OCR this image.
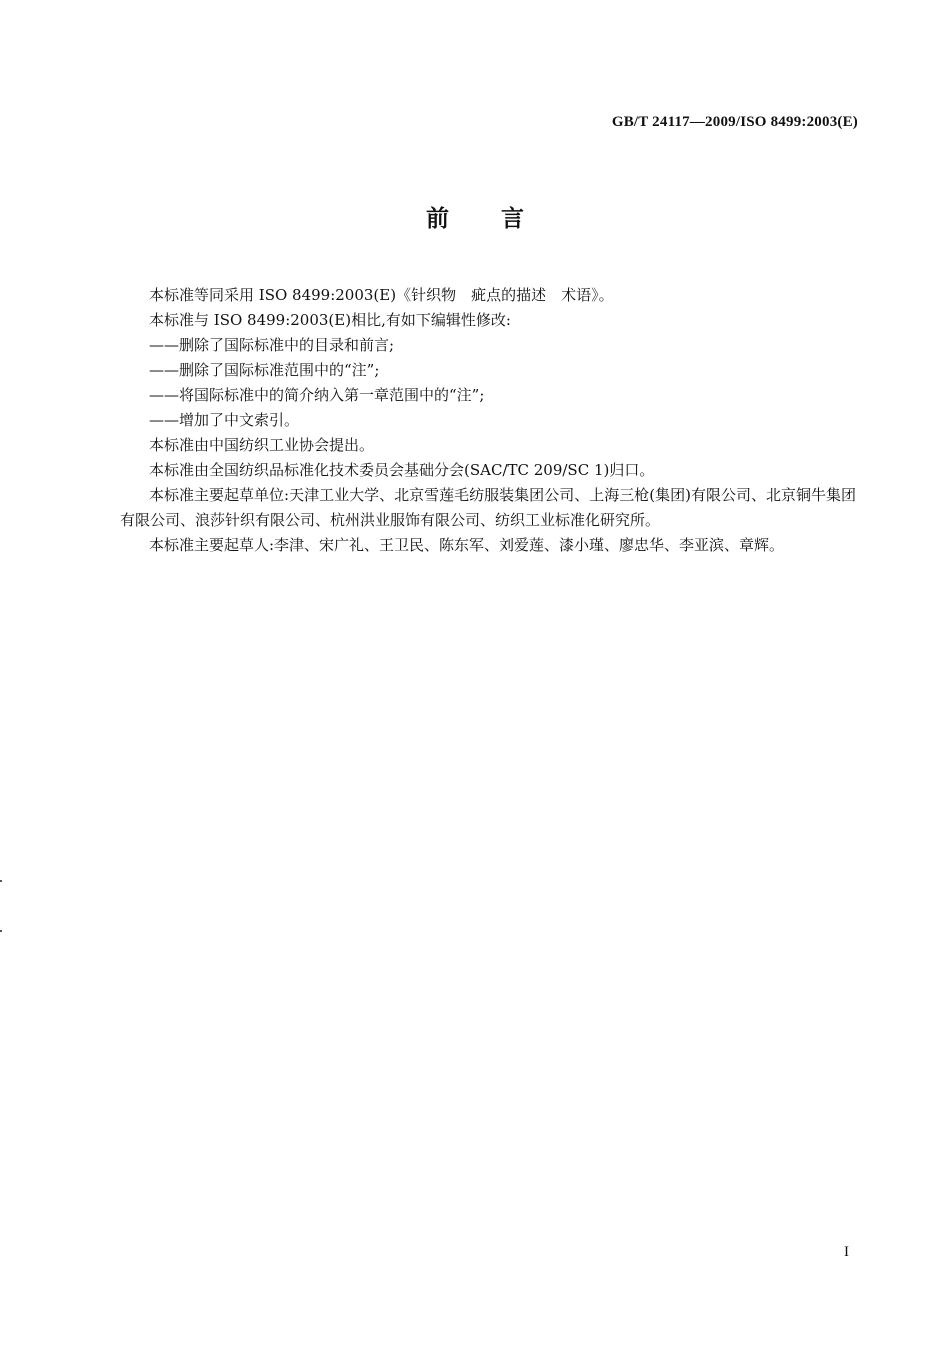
GB/T 24117—2009/ISO 8499:2003(E)
前言

本标准等同采用 ISO 8499:2003(E)《针织物　疵点的描述　术语》。

本标准与 ISO 8499:2003(E)相比,有如下编辑性修改:

——删除了国际标准中的目录和前言;

——删除了国际标准范围中的“注”;

——将国际标准中的简介纳入第一章范围中的“注”;

——增加了中文索引。

本标准由中国纺织工业协会提出。

本标准由全国纺织品标准化技术委员会基础分会(SAC/TC 209/SC 1)归口。

本标准主要起草单位:天津工业大学、北京雪莲毛纺服装集团公司、上海三枪(集团)有限公司、北京铜牛集团有限公司、浪莎针织有限公司、杭州洪业服饰有限公司、纺织工业标准化研究所。

本标准主要起草人:李津、宋广礼、王卫民、陈东军、刘爱莲、漆小瑾、廖忠华、李亚滨、章辉。

I
